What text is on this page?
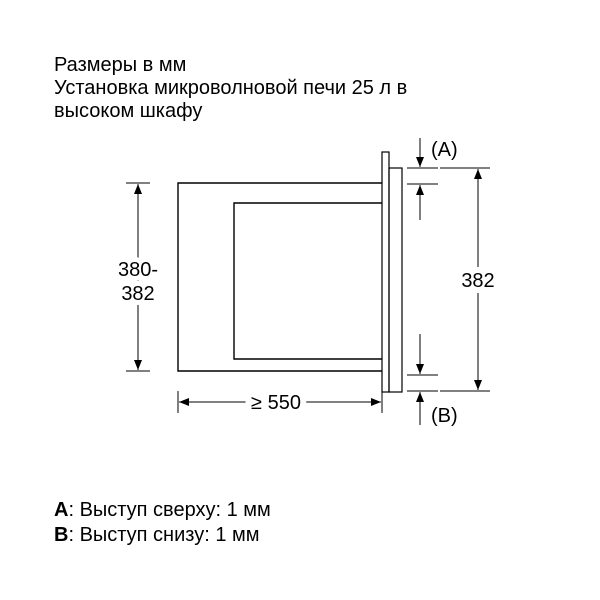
Размеры в мм
Установка микроволновой печи 25 л в
высоком шкафу
380-
382
≥ 550
(A)
(B)
382
A: Выступ сверху: 1 мм
B: Выступ снизу: 1 мм
